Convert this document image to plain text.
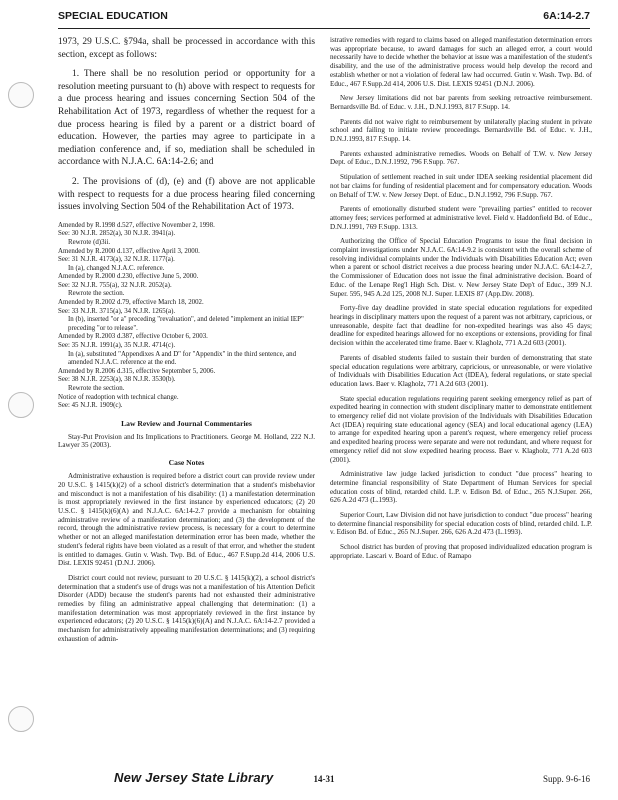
SPECIAL EDUCATION	6A:14-2.7

1973, 29 U.S.C. §794a, shall be processed in accordance with this section, except as follows:

1. There shall be no resolution period or opportunity for a resolution meeting pursuant to (h) above with respect to requests for a due process hearing and issues concerning Section 504 of the Rehabilitation Act of 1973, regardless of whether the request for a due process hearing is filed by a parent or a district board of education. However, the parties may agree to participate in a mediation conference and, if so, mediation shall be scheduled in accordance with N.J.A.C. 6A:14-2.6; and

2. The provisions of (d), (e) and (f) above are not applicable with respect to requests for a due process hearing filed concerning issues involving Section 504 of the Rehabilitation Act of 1973.

Amended by R.1998 d.527, effective November 2, 1998.
See: 30 N.J.R. 2852(a), 30 N.J.R. 3941(a).
Rewrote (d)3ii.
Amended by R.2000 d.137, effective April 3, 2000.
See: 31 N.J.R. 4173(a), 32 N.J.R. 1177(a).
In (a), changed N.J.A.C. reference.
Amended by R.2000 d.230, effective June 5, 2000.
See: 32 N.J.R. 755(a), 32 N.J.R. 2052(a).
Rewrote the section.
Amended by R.2002 d.79, effective March 18, 2002.
See: 33 N.J.R. 3715(a), 34 N.J.R. 1265(a).
In (b), inserted "or a" preceding "revaluation", and deleted "implement an initial IEP" preceding "or to release".
Amended by R.2003 d.387, effective October 6, 2003.
See: 35 N.J.R. 1991(a), 35 N.J.R. 4714(c).
In (a), substituted "Appendixes A and D" for "Appendix" in the third sentence, and amended N.J.A.C. reference at the end.
Amended by R.2006 d.315, effective September 5, 2006.
See: 38 N.J.R. 2253(a), 38 N.J.R. 3530(b).
Rewrote the section.
Notice of readoption with technical change.
See: 45 N.J.R. 1909(c).

Law Review and Journal Commentaries

Stay-Put Provision and Its Implications to Practitioners. George M. Holland, 222 N.J. Lawyer 35 (2003).

Case Notes

Administrative exhaustion is required before a district court can provide review under 20 U.S.C. § 1415(k)(2) of a school district's determination that a student's misbehavior and misconduct is not a manifestation of his disability: (1) a manifestation determination is most appropriately reviewed in the first instance by experienced educators; (2) 20 U.S.C. § 1415(k)(6)(A) and N.J.A.C. 6A:14-2.7 provide a mechanism for obtaining administrative review of a manifestation determination; and (3) the development of the record, through the administrative review process, is necessary for a court to determine whether or not an alleged manifestation determination error has been made, whether the student's federal rights have been violated as a result of that error, and whether the student is entitled to damages. Gutin v. Wash. Twp. Bd. of Educ., 467 F.Supp.2d 414, 2006 U.S. Dist. LEXIS 92451 (D.N.J. 2006).

District court could not review, pursuant to 20 U.S.C. § 1415(k)(2), a school district's determination that a student's use of drugs was not a manifestation of his Attention Deficit Disorder (ADD) because the student's parents had not exhausted their administrative remedies by filing an administrative appeal challenging that determination: (1) a manifestation determination was most appropriately reviewed in the first instance by experienced educators; (2) 20 U.S.C. § 1415(k)(6)(A) and N.J.A.C. 6A:14-2.7 provided a mechanism for administratively appealing manifestation determinations; and (3) requiring exhaustion of admin-

istrative remedies with regard to claims based on alleged manifestation determination errors was appropriate because, to award damages for such an alleged error, a court would necessarily have to decide whether the behavior at issue was a manifestation of the student's disability, and the use of the administrative process would help develop the record and establish whether or not a violation of federal law had occurred. Gutin v. Wash. Twp. Bd. of Educ., 467 F.Supp.2d 414, 2006 U.S. Dist. LEXIS 92451 (D.N.J. 2006).

New Jersey limitations did not bar parents from seeking retroactive reimbursement. Bernardsville Bd. of Educ. v. J.H., D.N.J.1993, 817 F.Supp. 14.

Parents did not waive right to reimbursement by unilaterally placing student in private school and failing to initiate review proceedings. Bernardsville Bd. of Educ. v. J.H., D.N.J.1993, 817 F.Supp. 14.

Parents exhausted administrative remedies. Woods on Behalf of T.W. v. New Jersey Dept. of Educ., D.N.J.1992, 796 F.Supp. 767.

Stipulation of settlement reached in suit under IDEA seeking residential placement did not bar claims for funding of residential placement and for compensatory education. Woods on Behalf of T.W. v. New Jersey Dept. of Educ., D.N.J.1992, 796 F.Supp. 767.

Parents of emotionally disturbed student were "prevailing parties" entitled to recover attorney fees; services performed at administrative level. Field v. Haddonfield Bd. of Educ., D.N.J.1991, 769 F.Supp. 1313.

Authorizing the Office of Special Education Programs to issue the final decision in complaint investigations under N.J.A.C. 6A:14-9.2 is consistent with the overall scheme of resolving individual complaints under the Individuals with Disabilities Education Act; even when a parent or school district receives a due process hearing under N.J.A.C. 6A:14-2.7, the Commissioner of Education does not issue the final administrative decision. Board of Educ. of the Lenape Reg'l High Sch. Dist. v. New Jersey State Dep't of Educ., 399 N.J. Super. 595, 945 A.2d 125, 2008 N.J. Super. LEXIS 87 (App.Div. 2008).

Forty-five day deadline provided in state special education regulations for expedited hearings in disciplinary matters upon the request of a parent was not arbitrary, capricious, or unreasonable, despite fact that deadline for non-expedited hearings was also 45 days; deadline for expedited hearings allowed for no exceptions or extensions, providing for final decision within the accelerated time frame. Baer v. Klagholz, 771 A.2d 603 (2001).

Parents of disabled students failed to sustain their burden of demonstrating that state special education regulations were arbitrary, capricious, or unreasonable, or were violative of Individuals with Disabilities Education Act (IDEA), federal regulations, or state special education laws. Baer v. Klagholz, 771 A.2d 603 (2001).

State special education regulations requiring parent seeking emergency relief as part of expedited hearing in connection with student disciplinary matter to demonstrate entitlement to emergency relief did not violate provision of the Individuals with Disabilities Education Act (IDEA) requiring state educational agency (SEA) and local educational agency (LEA) to arrange for expedited hearing upon a parent's request, where emergency relief process and expedited hearing process were separate and were not redundant, and where request for emergency relief did not slow expedited hearing process. Baer v. Klagholz, 771 A.2d 603 (2001).

Administrative law judge lacked jurisdiction to conduct "due process" hearing to determine financial responsibility of State Department of Human Services for special education costs of blind, retarded child. L.P. v. Edison Bd. of Educ., 265 N.J.Super. 266, 626 A.2d 473 (L.1993).

Superior Court, Law Division did not have jurisdiction to conduct "due process" hearing to determine financial responsibility for special education costs of blind, retarded child. L.P. v. Edison Bd. of Educ., 265 N.J.Super. 266, 626 A.2d 473 (L.1993).

School district has burden of proving that proposed individualized education program is appropriate. Lascari v. Board of Educ. of Ramapo

New Jersey State Library	14-31	Supp. 9-6-16
